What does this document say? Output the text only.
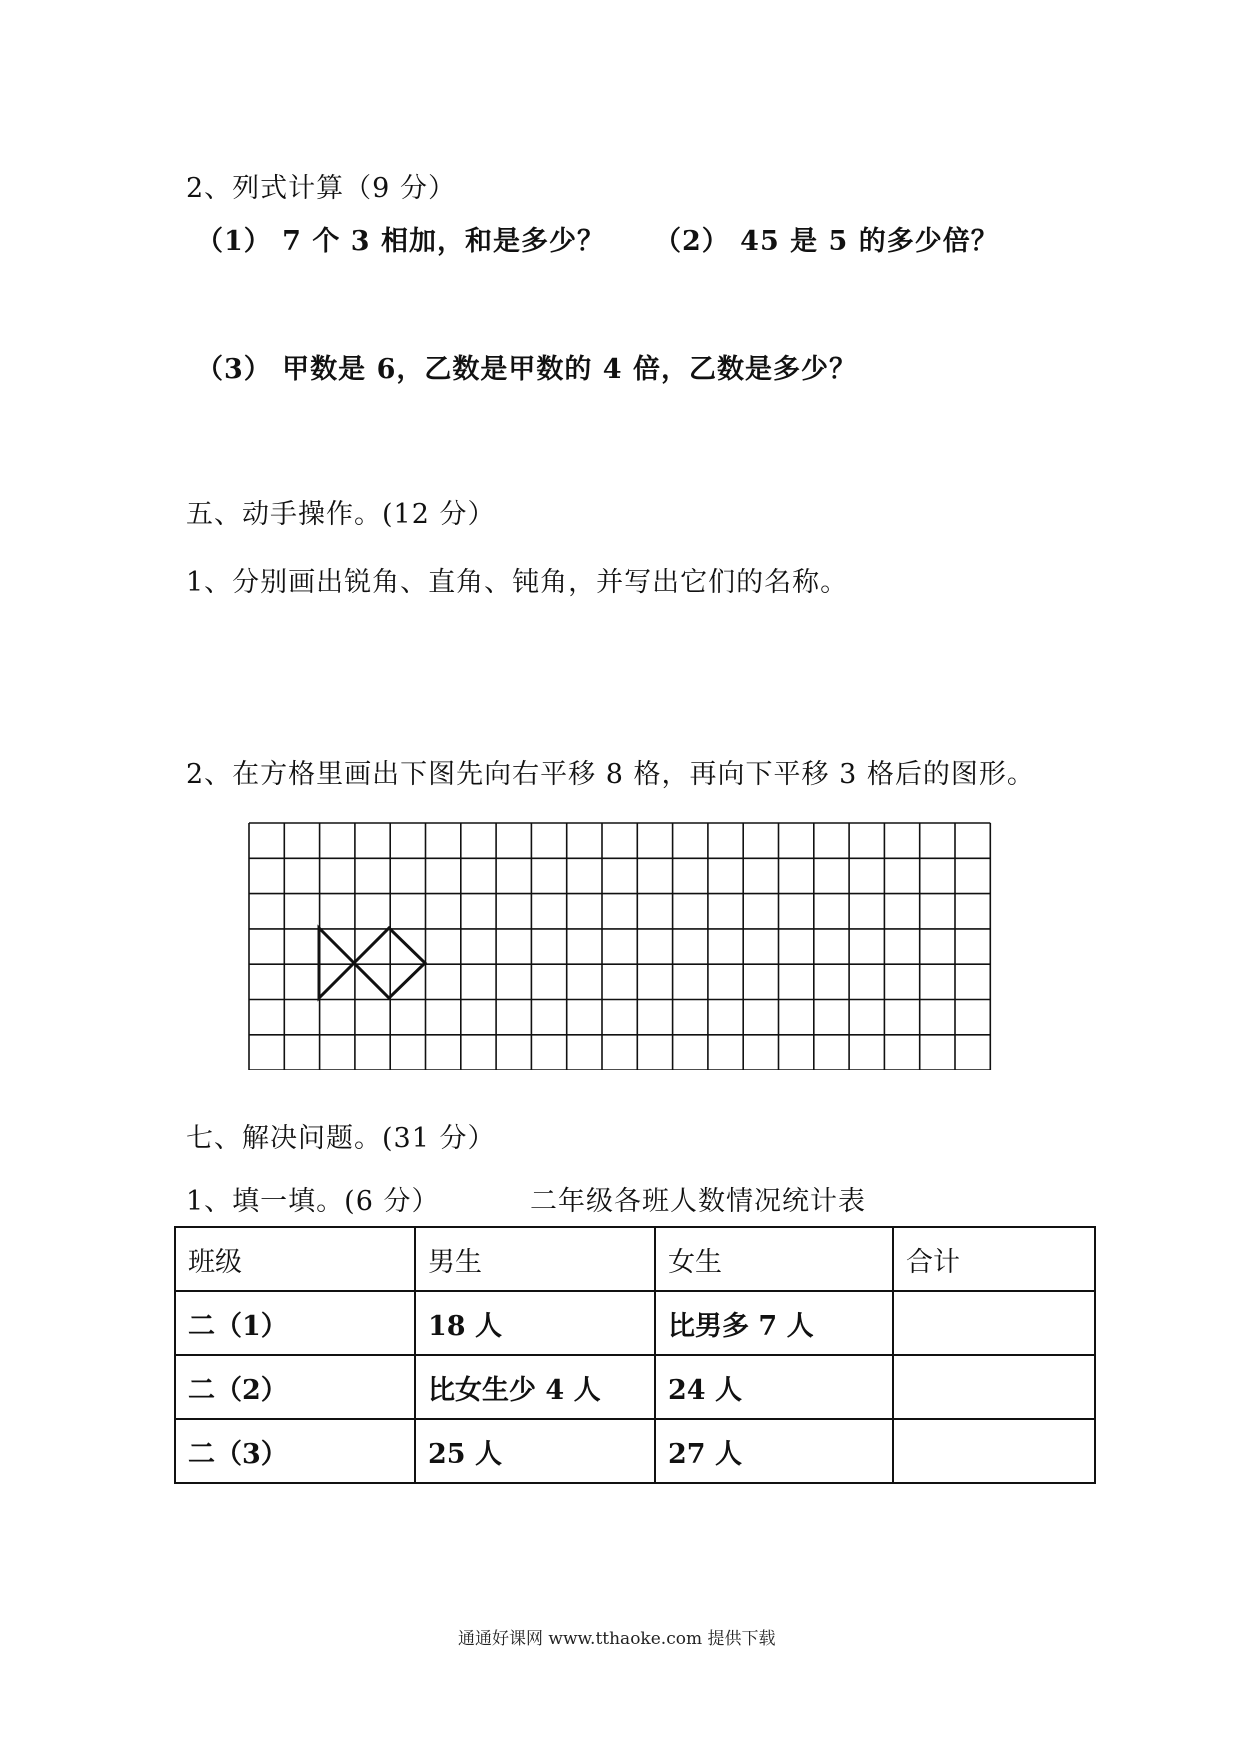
2、列式计算（9 分）
（1） 7 个 3 相加，和是多少？ （2） 45 是 5 的多少倍？
（3） 甲数是 6，乙数是甲数的 4 倍，乙数是多少？
五、动手操作。(12 分）
1、分别画出锐角、直角、钝角，并写出它们的名称。
2、在方格里画出下图先向右平移 8 格，再向下平移 3 格后的图形。
七、解决问题。(31 分）
1、填一填。(6 分）	二年级各班人数情况统计表
班级	男生	女生	合计
二（1）	18 人	比男多 7 人	
二（2）	比女生少 4 人	24 人	
二（3）	25 人	27 人	
通通好课网 www.tthaoke.com 提供下载
